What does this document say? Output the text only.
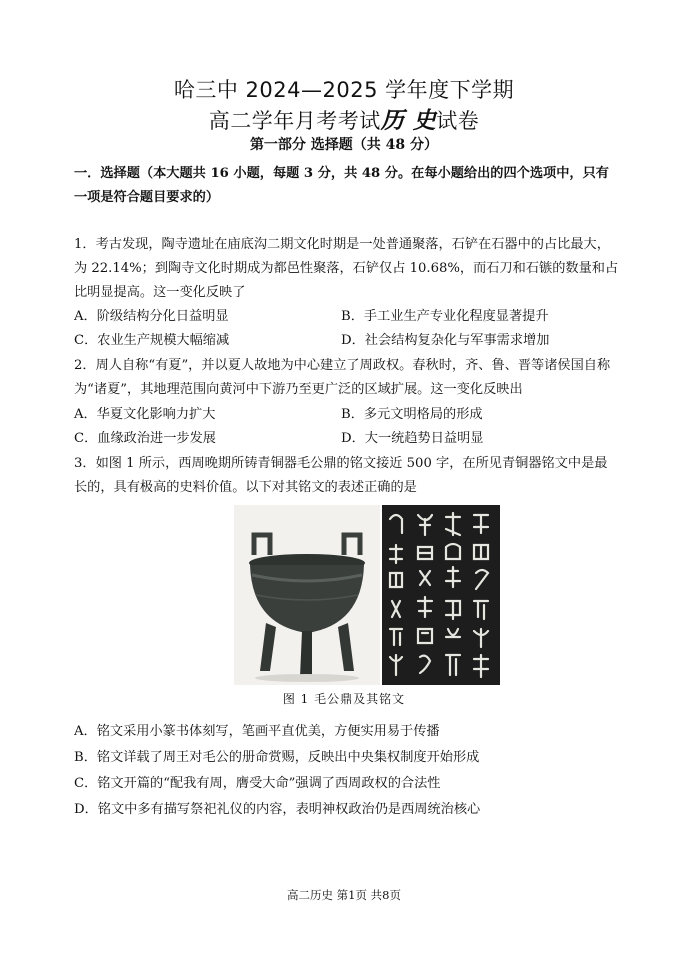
哈三中 2024—2025 学年度下学期
高二学年月考考试历 史试卷
第一部分 选择题（共 48 分）
一．选择题（本大题共 16 小题，每题 3 分，共 48 分。在每小题给出的四个选项中，只有一项是符合题目要求的）
1．考古发现，陶寺遗址在庙底沟二期文化时期是一处普通聚落，石铲在石器中的占比最大，为 22.14%；到陶寺文化时期成为都邑性聚落，石铲仅占 10.68%，而石刀和石镞的数量和占比明显提高。这一变化反映了
A．阶级结构分化日益明显	B．手工业生产专业化程度显著提升
C．农业生产规模大幅缩减	D．社会结构复杂化与军事需求增加
2．周人自称“有夏”，并以夏人故地为中心建立了周政权。春秋时，齐、鲁、晋等诸侯国自称为“诸夏”，其地理范围向黄河中下游乃至更广泛的区域扩展。这一变化反映出
A．华夏文化影响力扩大	B．多元文明格局的形成
C．血缘政治进一步发展	D．大一统趋势日益明显
3．如图 1 所示，西周晚期所铸青铜器毛公鼎的铭文接近 500 字，在所见青铜器铭文中是最长的，具有极高的史料价值。以下对其铭文的表述正确的是
图 1 毛公鼎及其铭文
A．铭文采用小篆书体刻写，笔画平直优美，方便实用易于传播
B．铭文详载了周王对毛公的册命赏赐，反映出中央集权制度开始形成
C．铭文开篇的“配我有周，膺受大命”强调了西周政权的合法性
D．铭文中多有描写祭祀礼仪的内容，表明神权政治仍是西周统治核心
高二历史 第1页 共8页
